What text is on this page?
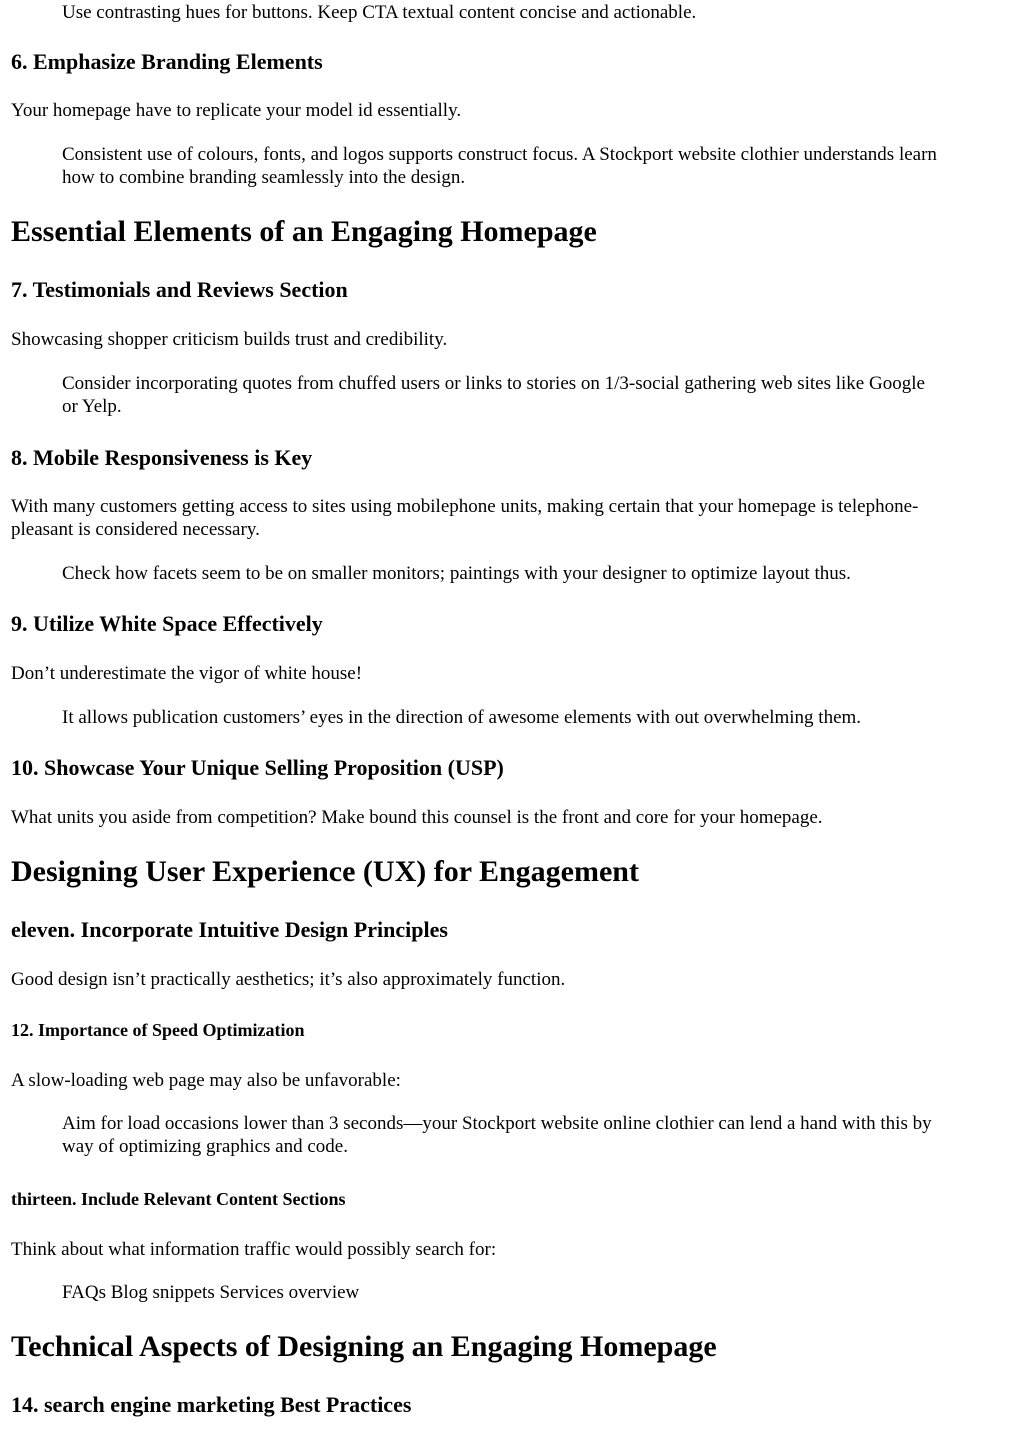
Use contrasting hues for buttons. Keep CTA textual content concise and actionable.

6. Emphasize Branding Elements

Your homepage have to replicate your model id essentially.

Consistent use of colours, fonts, and logos supports construct focus. A Stockport website clothier understands learn

how to combine branding seamlessly into the design.

Essential Elements of an Engaging Homepage
7. Testimonials and Reviews Section

Showcasing shopper criticism builds trust and credibility.

Consider incorporating quotes from chuffed users or links to stories on 1/3-social gathering web sites like Google

or Yelp.

8. Mobile Responsiveness is Key

With many customers getting access to sites using mobilephone units, making certain that your homepage is telephone-

pleasant is considered necessary.

Check how facets seem to be on smaller monitors; paintings with your designer to optimize layout thus.

9. Utilize White Space Effectively

Don’t underestimate the vigor of white house!

It allows publication customers’ eyes in the direction of awesome elements with out overwhelming them.

10. Showcase Your Unique Selling Proposition (USP)

What units you aside from competition? Make bound this counsel is the front and core for your homepage.

Designing User Experience (UX) for Engagement
eleven. Incorporate Intuitive Design Principles

Good design isn’t practically aesthetics; it’s also approximately function.

12. Importance of Speed Optimization

A slow-loading web page may also be unfavorable:

Aim for load occasions lower than 3 seconds—your Stockport website online clothier can lend a hand with this by

way of optimizing graphics and code.

thirteen. Include Relevant Content Sections

Think about what information traffic would possibly search for:

FAQs Blog snippets Services overview

Technical Aspects of Designing an Engaging Homepage
14. search engine marketing Best Practices
